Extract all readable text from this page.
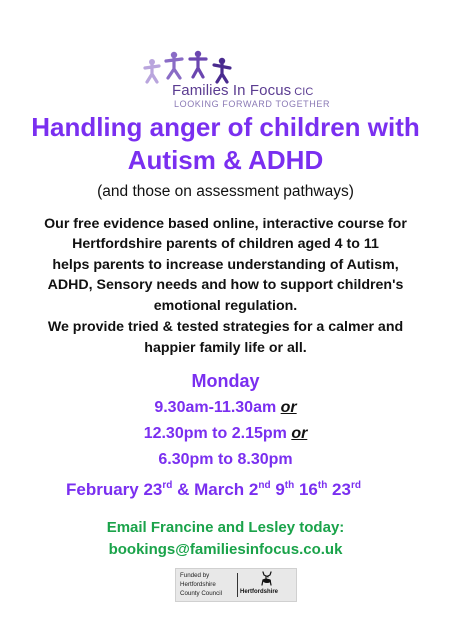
Families In Focus CIC
LOOKING FORWARD TOGETHER
Handling anger of children with
Autism & ADHD
(and those on assessment pathways)
Our free evidence based online, interactive course for
Hertfordshire parents of children aged 4 to 11
helps parents to increase understanding of Autism,
ADHD, Sensory needs and how to support children's
emotional regulation.
We provide tried & tested strategies for a calmer and
happier family life or all.
Monday
9.30am-11.30am or
12.30pm to 2.15pm or
6.30pm to 8.30pm
February 23rd & March 2nd 9th 16th 23rd
Email Francine and Lesley today:
bookings@familiesinfocus.co.uk
Funded by
Hertfordshire
County Council	Hertfordshire
